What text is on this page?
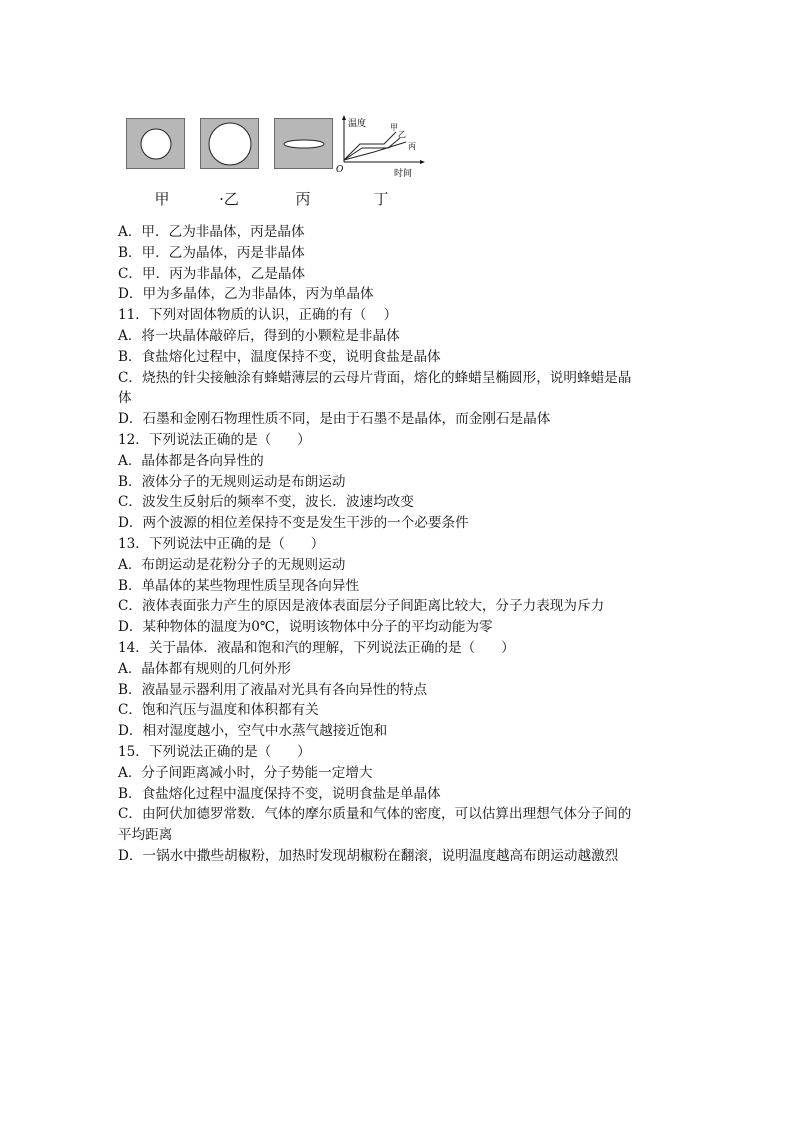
温度
时间
O
甲
乙
丙
甲	·乙	丙	丁
A．甲．乙为非晶体，丙是晶体
B．甲．乙为晶体，丙是非晶体
C．甲．丙为非晶体，乙是晶体
D．甲为多晶体，乙为非晶体，丙为单晶体
11．下列对固体物质的认识，正确的有（    ）
A．将一块晶体敲碎后，得到的小颗粒是非晶体
B．食盐熔化过程中，温度保持不变，说明食盐是晶体
C．烧热的针尖接触涂有蜂蜡薄层的云母片背面，熔化的蜂蜡呈椭圆形，说明蜂蜡是晶
体
D．石墨和金刚石物理性质不同，是由于石墨不是晶体，而金刚石是晶体
12．下列说法正确的是（      ）
A．晶体都是各向异性的
B．液体分子的无规则运动是布朗运动
C．波发生反射后的频率不变，波长．波速均改变
D．两个波源的相位差保持不变是发生干涉的一个必要条件
13．下列说法中正确的是（      ）
A．布朗运动是花粉分子的无规则运动
B．单晶体的某些物理性质呈现各向异性
C．液体表面张力产生的原因是液体表面层分子间距离比较大，分子力表现为斥力
D．某种物体的温度为0℃，说明该物体中分子的平均动能为零
14．关于晶体．液晶和饱和汽的理解，下列说法正确的是（      ）
A．晶体都有规则的几何外形
B．液晶显示器利用了液晶对光具有各向异性的特点
C．饱和汽压与温度和体积都有关
D．相对湿度越小，空气中水蒸气越接近饱和
15．下列说法正确的是（      ）
A．分子间距离减小时，分子势能一定增大
B．食盐熔化过程中温度保持不变，说明食盐是单晶体
C．由阿伏加德罗常数．气体的摩尔质量和气体的密度，可以估算出理想气体分子间的
平均距离
D．一锅水中撒些胡椒粉，加热时发现胡椒粉在翻滚，说明温度越高布朗运动越激烈
